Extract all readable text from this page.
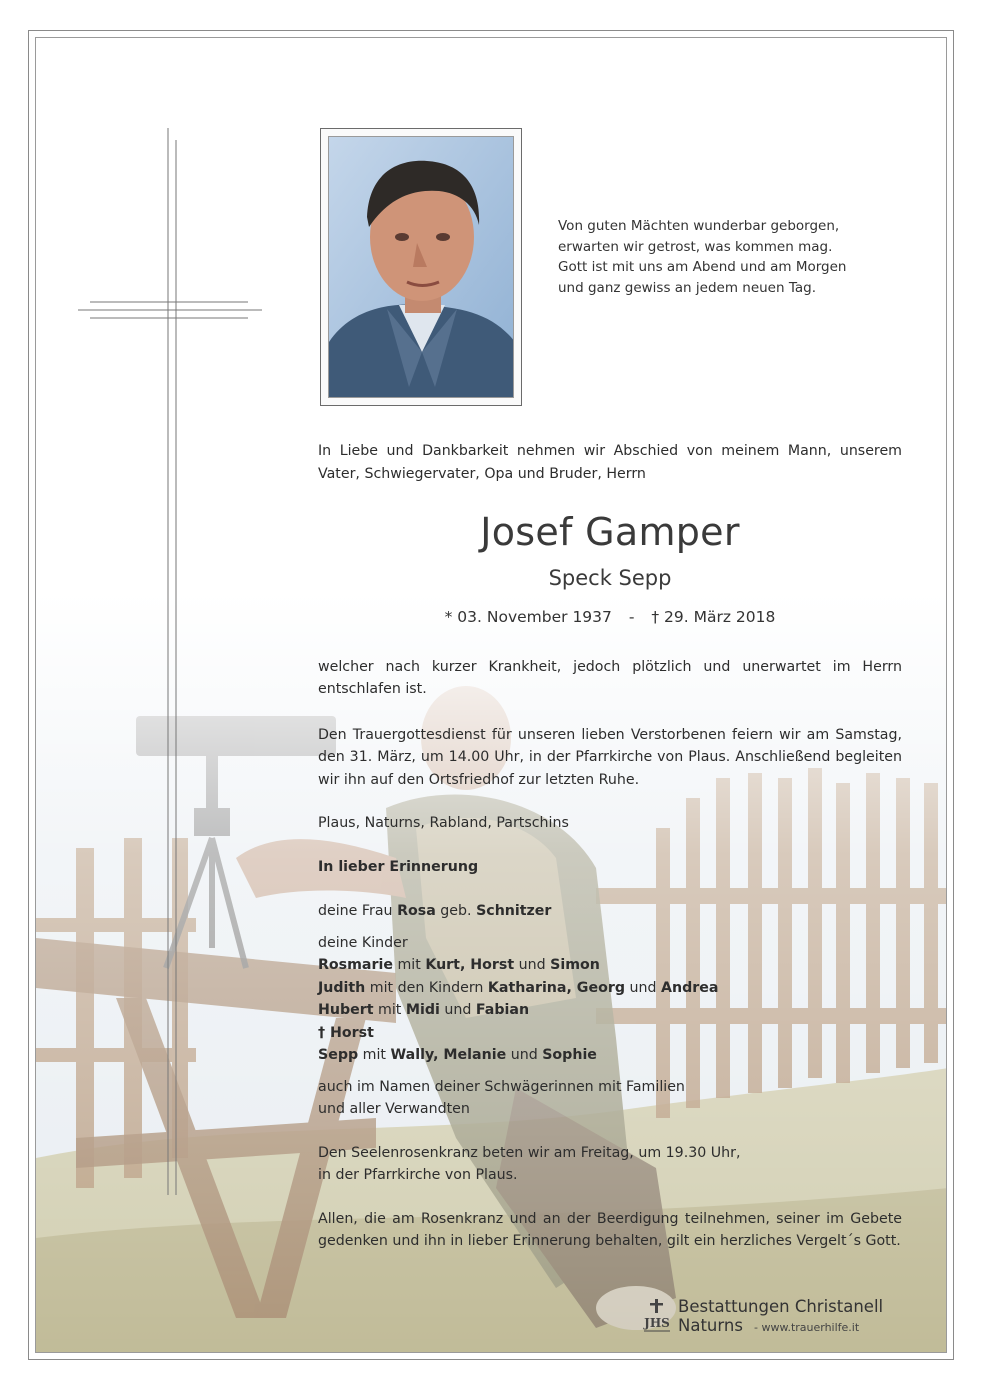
Von guten Mächten wunderbar geborgen,
erwarten wir getrost, was kommen mag.
Gott ist mit uns am Abend und am Morgen
und ganz gewiss an jedem neuen Tag.
In Liebe und Dankbarkeit nehmen wir Abschied von meinem Mann, unserem Vater, Schwiegervater, Opa und Bruder, Herrn
Josef Gamper
Speck Sepp
* 03. November 1937 - † 29. März 2018
welcher nach kurzer Krankheit, jedoch plötzlich und unerwartet im Herrn entschlafen ist.
Den Trauergottesdienst für unseren lieben Verstorbenen feiern wir am Samstag, den 31. März, um 14.00 Uhr, in der Pfarrkirche von Plaus. Anschließend begleiten wir ihn auf den Ortsfriedhof zur letzten Ruhe.
Plaus, Naturns, Rabland, Partschins
In lieber Erinnerung
deine Frau Rosa geb. Schnitzer
deine Kinder
Rosmarie mit Kurt, Horst und Simon
Judith mit den Kindern Katharina, Georg und Andrea
Hubert mit Midi und Fabian
† Horst
Sepp mit Wally, Melanie und Sophie
auch im Namen deiner Schwägerinnen mit Familien
und aller Verwandten
Den Seelenrosenkranz beten wir am Freitag, um 19.30 Uhr,
in der Pfarrkirche von Plaus.
Allen, die am Rosenkranz und an der Beerdigung teilnehmen, seiner im Gebete gedenken und ihn in lieber Erinnerung behalten, gilt ein herzliches Vergelt´s Gott.
JHS
Bestattungen Christanell
Naturns - www.trauerhilfe.it
